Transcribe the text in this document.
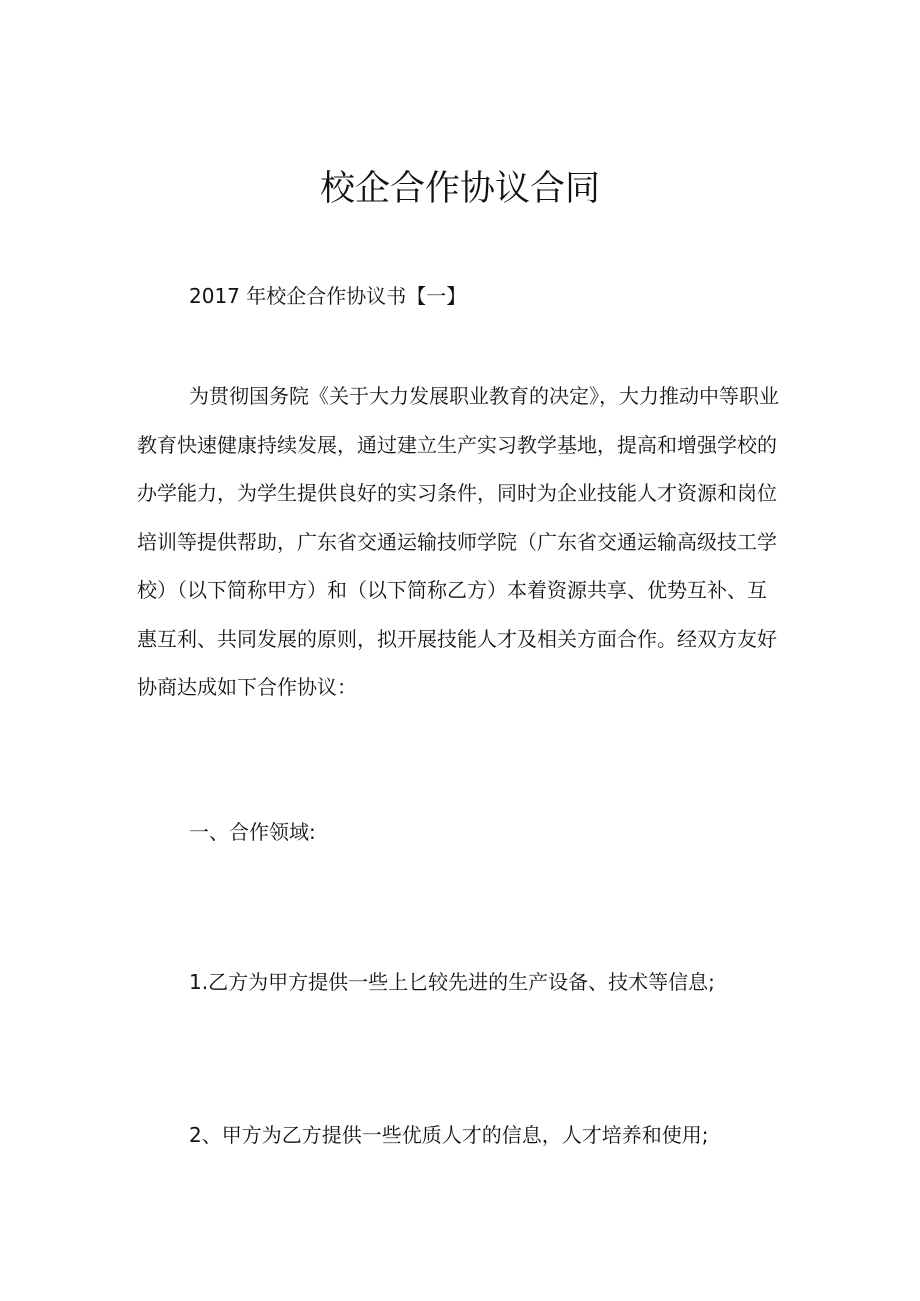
校企合作协议合同

2017 年校企合作协议书【一】

为贯彻国务院《关于大力发展职业教育的决定》，大力推动中等职业
教育快速健康持续发展，通过建立生产实习教学基地，提高和增强学校的
办学能力，为学生提供良好的实习条件，同时为企业技能人才资源和岗位
培训等提供帮助，广东省交通运输技师学院（广东省交通运输高级技工学
校）（以下简称甲方）和（以下简称乙方）本着资源共享、优势互补、互
惠互利、共同发展的原则，拟开展技能人才及相关方面合作。经双方友好
协商达成如下合作协议：

一、合作领域:

1.乙方为甲方提供一些上匕较先进的生产设备、技术等信息;

2、甲方为乙方提供一些优质人才的信息，人才培养和使用;
